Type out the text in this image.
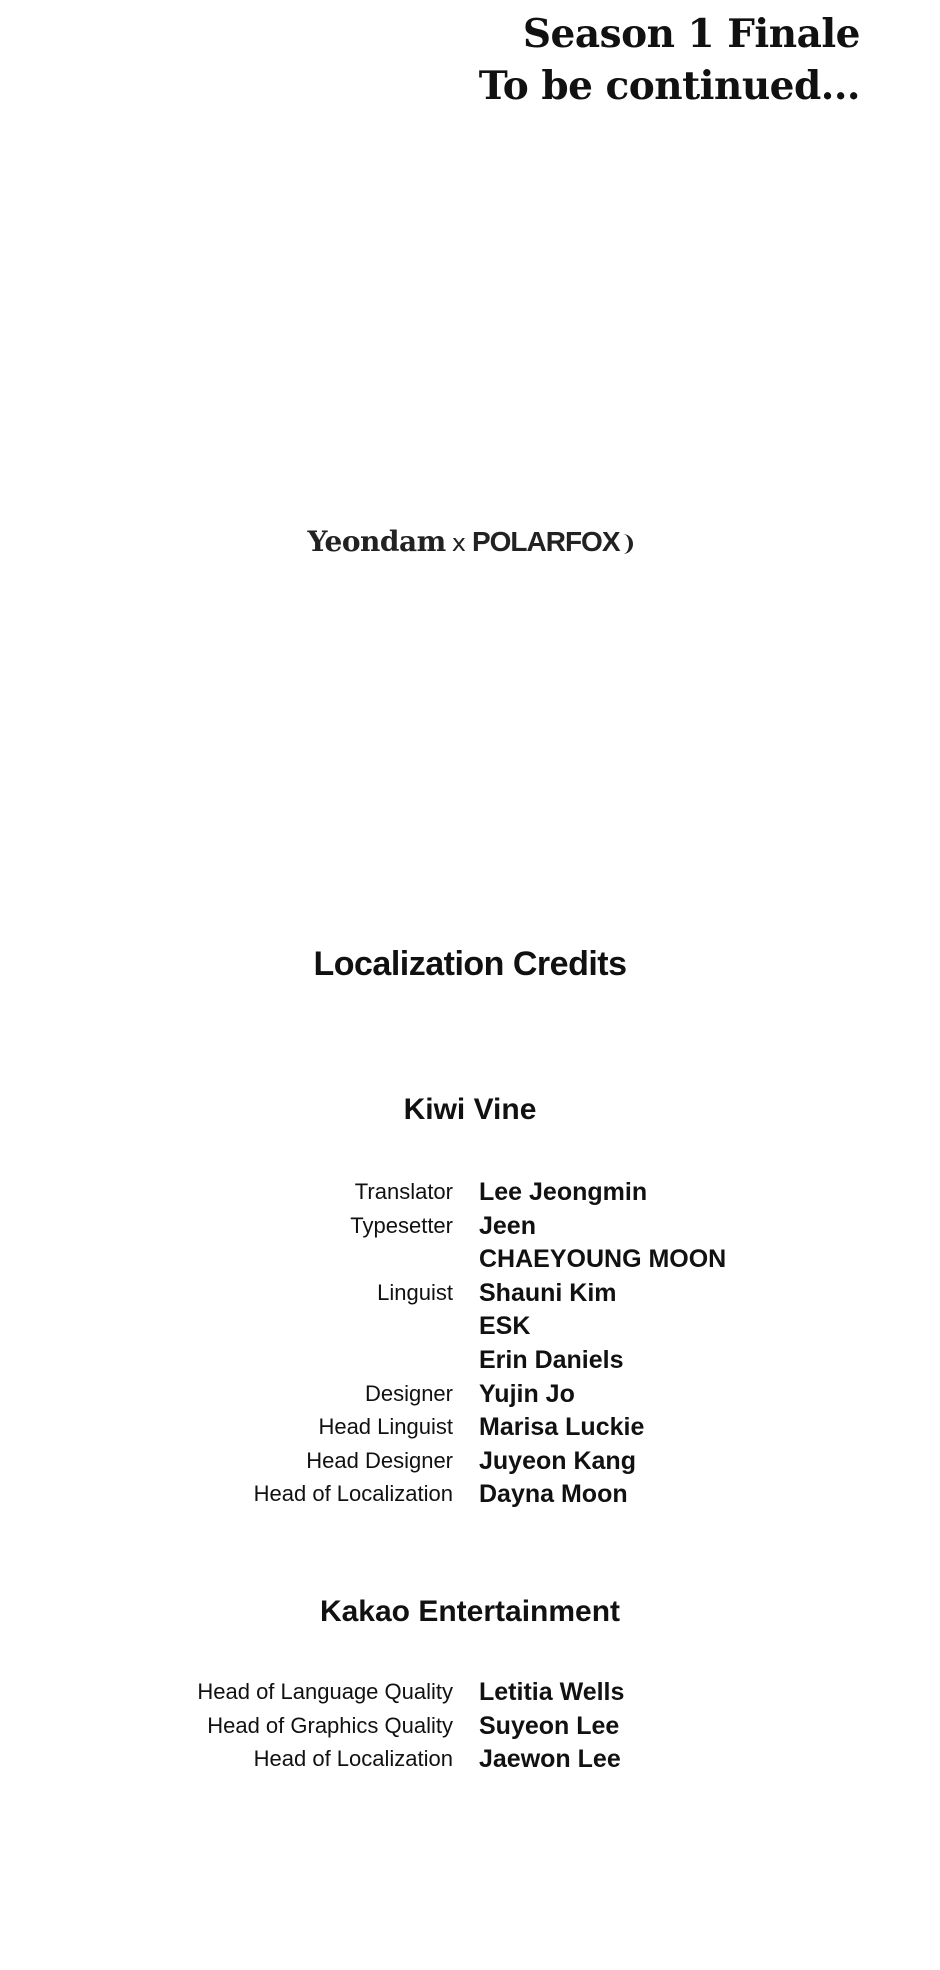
Season 1 Finale
To be continued...
Yeondam x POLARFOX
Localization Credits
Kiwi Vine
Translator Lee Jeongmin
Typesetter Jeen
CHAEYOUNG MOON
Linguist Shauni Kim
ESK
Erin Daniels
Designer Yujin Jo
Head Linguist Marisa Luckie
Head Designer Juyeon Kang
Head of Localization Dayna Moon
Kakao Entertainment
Head of Language Quality Letitia Wells
Head of Graphics Quality Suyeon Lee
Head of Localization Jaewon Lee
